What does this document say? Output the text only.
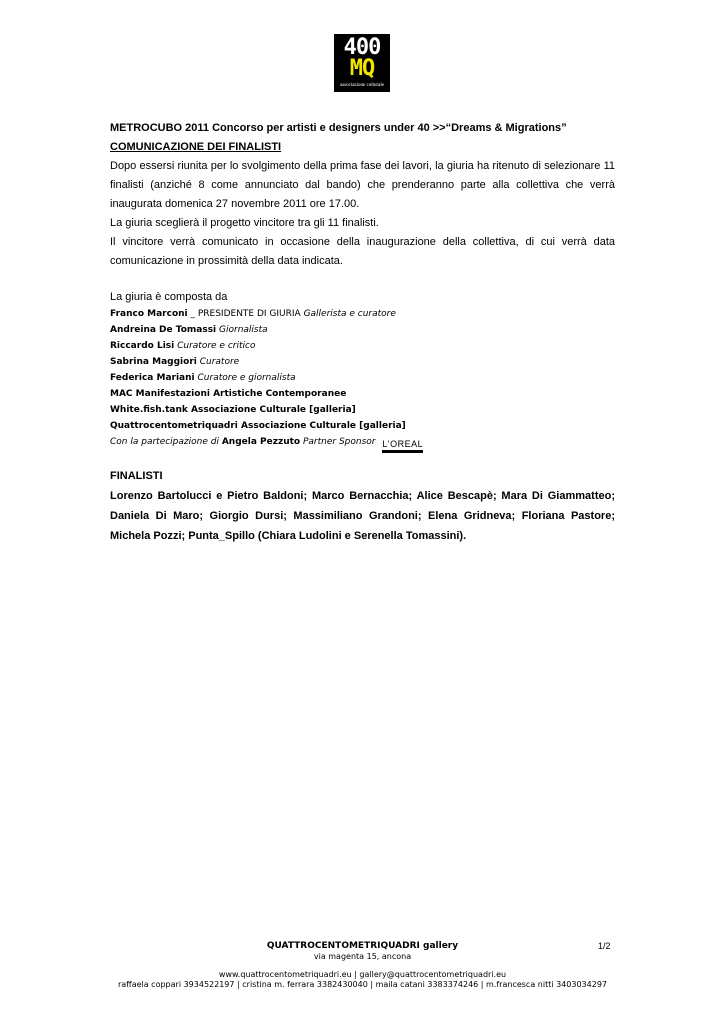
400
MQ
associazione culturale

METROCUBO 2011 Concorso per artisti e designers under 40 >>“Dreams & Migrations”

COMUNICAZIONE DEI FINALISTI

Dopo essersi riunita per lo svolgimento della prima fase dei lavori, la giuria ha ritenuto di selezionare 11 finalisti (anziché 8 come annunciato dal bando) che prenderanno parte alla collettiva che verrà inaugurata domenica 27 novembre 2011 ore 17.00.

La giuria sceglierà il progetto vincitore tra gli 11 finalisti.

Il vincitore verrà comunicato in occasione della inaugurazione della collettiva, di cui verrà data comunicazione in prossimità della data indicata.

La giuria è composta da
Franco Marconi _ PRESIDENTE DI GIURIA Gallerista e curatore
Andreina De Tomassi Giornalista
Riccardo Lisi Curatore e critico
Sabrina Maggiori Curatore
Federica Mariani Curatore e giornalista
MAC Manifestazioni Artistiche Contemporanee
White.fish.tank Associazione Culturale [galleria]
Quattrocentometriquadri Associazione Culturale [galleria]
Con la partecipazione di Angela Pezzuto Partner Sponsor L'OREAL
FINALISTI
Lorenzo Bartolucci e Pietro Baldoni; Marco Bernacchia; Alice Bescapè; Mara Di Giammatteo; Daniela Di Maro; Giorgio Dursi; Massimiliano Grandoni; Elena Gridneva; Floriana Pastore; Michela Pozzi; Punta_Spillo (Chiara Ludolini e Serenella Tomassini).
QUATTROCENTOMETRIQUADRI gallery
via magenta 15, ancona
1/2
www.quattrocentometriquadri.eu | gallery@quattrocentometriquadri.eu
raffaela coppari 3934522197 | cristina m. ferrara 3382430040 | maila catani 3383374246 | m.francesca nitti 3403034297
